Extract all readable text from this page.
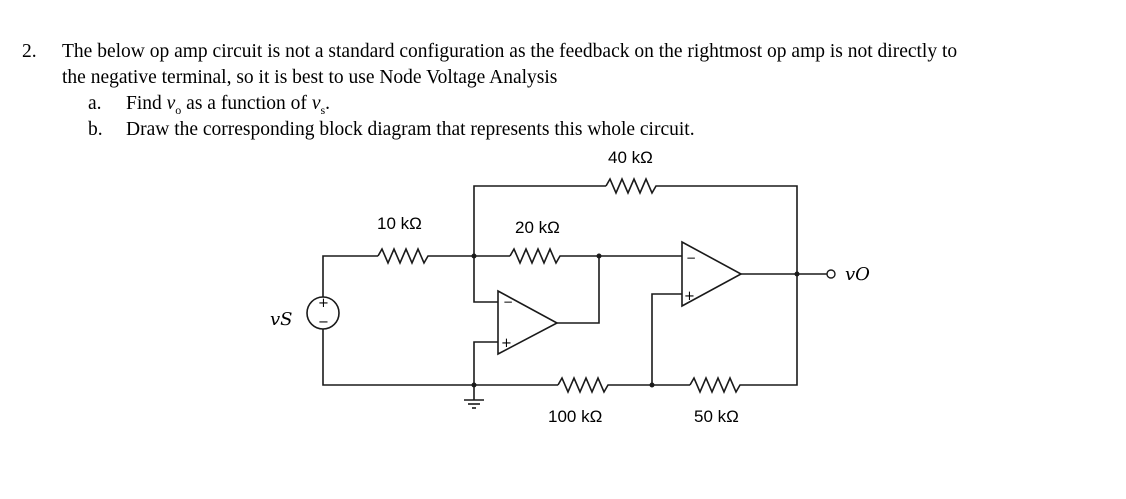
2. The below op amp circuit is not a standard configuration as the feedback on the rightmost op amp is not directly to
the negative terminal, so it is best to use Node Voltage Analysis
a. Find $v_o$ as a function of $v_s$.
b. Draw the corresponding block diagram that represents this whole circuit.
40 kΩ
10 kΩ	20 kΩ
100 kΩ	50 kΩ
+
−
vS
−
+
−
+
vO
